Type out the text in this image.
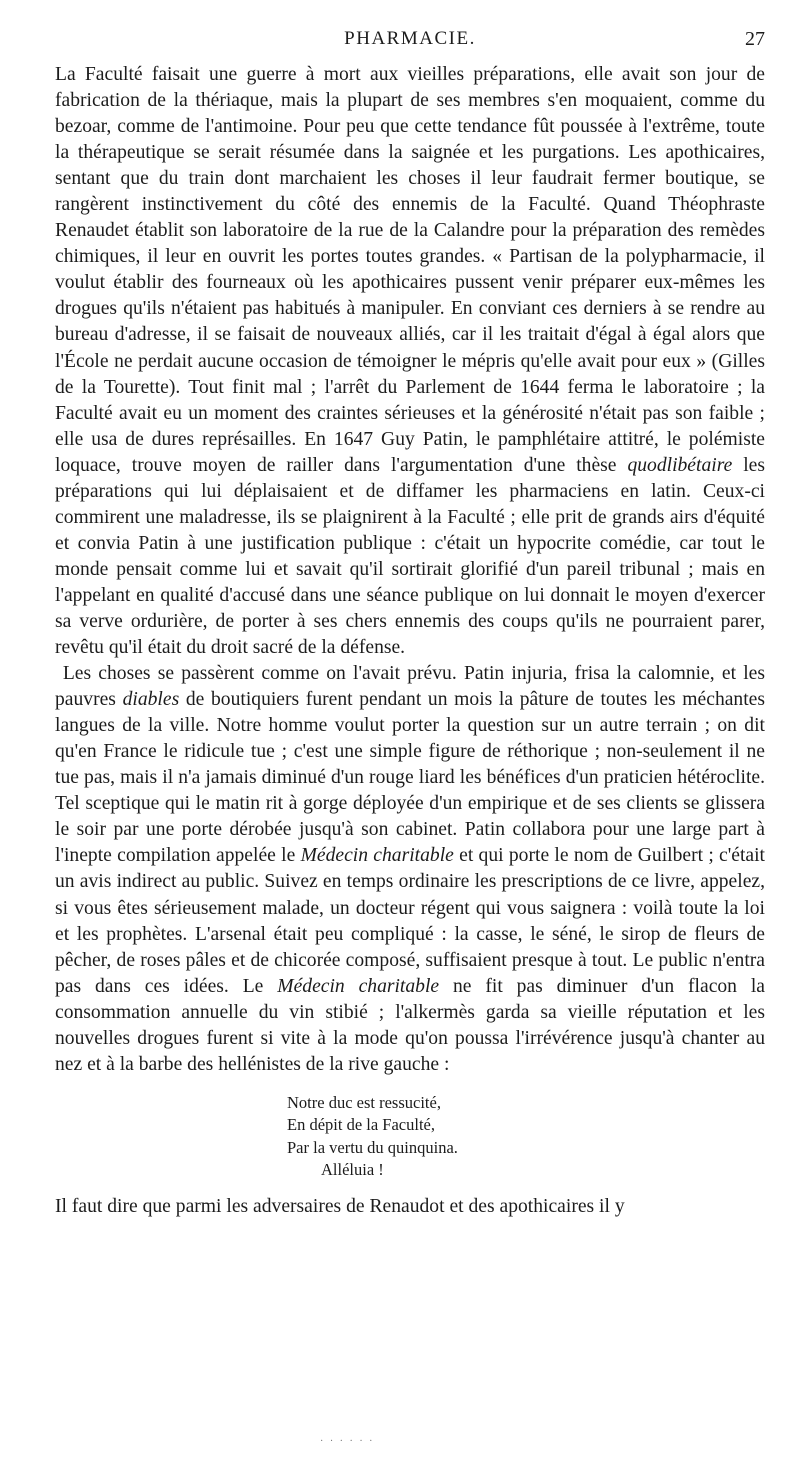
PHARMACIE.	27

La Faculté faisait une guerre à mort aux vieilles préparations, elle avait son jour de fabrication de la thériaque, mais la plupart de ses membres s'en moquaient, comme du bezoar, comme de l'antimoine. Pour peu que cette tendance fût poussée à l'extrême, toute la thérapeutique se serait résumée dans la saignée et les purgations. Les apothicaires, sentant que du train dont marchaient les choses il leur faudrait fermer boutique, se rangèrent instinctivement du côté des ennemis de la Faculté. Quand Théophraste Renaudet établit son laboratoire de la rue de la Calandre pour la préparation des remèdes chimiques, il leur en ouvrit les portes toutes grandes. « Partisan de la polypharmacie, il voulut établir des fourneaux où les apothicaires pussent venir préparer eux-mêmes les drogues qu'ils n'étaient pas habitués à manipuler. En conviant ces derniers à se rendre au bureau d'adresse, il se faisait de nouveaux alliés, car il les traitait d'égal à égal alors que l'École ne perdait aucune occasion de témoigner le mépris qu'elle avait pour eux » (Gilles de la Tourette). Tout finit mal ; l'arrêt du Parlement de 1644 ferma le laboratoire ; la Faculté avait eu un moment des craintes sérieuses et la générosité n'était pas son faible ; elle usa de dures représailles. En 1647 Guy Patin, le pamphlétaire attitré, le polémiste loquace, trouve moyen de railler dans l'argumentation d'une thèse quodlibétaire les préparations qui lui déplaisaient et de diffamer les pharmaciens en latin. Ceux-ci commirent une maladresse, ils se plaignirent à la Faculté ; elle prit de grands airs d'équité et convia Patin à une justification publique : c'était un hypocrite comédie, car tout le monde pensait comme lui et savait qu'il sortirait glorifié d'un pareil tribunal ; mais en l'appelant en qualité d'accusé dans une séance publique on lui donnait le moyen d'exercer sa verve ordurière, de porter à ses chers ennemis des coups qu'ils ne pourraient parer, revêtu qu'il était du droit sacré de la défense.

Les choses se passèrent comme on l'avait prévu. Patin injuria, frisa la calomnie, et les pauvres diables de boutiquiers furent pendant un mois la pâture de toutes les méchantes langues de la ville. Notre homme voulut porter la question sur un autre terrain ; on dit qu'en France le ridicule tue ; c'est une simple figure de réthorique ; non-seulement il ne tue pas, mais il n'a jamais diminué d'un rouge liard les bénéfices d'un praticien hétéroclite. Tel sceptique qui le matin rit à gorge déployée d'un empirique et de ses clients se glissera le soir par une porte dérobée jusqu'à son cabinet. Patin collabora pour une large part à l'inepte compilation appelée le Médecin charitable et qui porte le nom de Guilbert ; c'était un avis indirect au public. Suivez en temps ordinaire les prescriptions de ce livre, appelez, si vous êtes sérieusement malade, un docteur régent qui vous saignera : voilà toute la loi et les prophètes. L'arsenal était peu compliqué : la casse, le séné, le sirop de fleurs de pêcher, de roses pâles et de chicorée composé, suffisaient presque à tout. Le public n'entra pas dans ces idées. Le Médecin charitable ne fit pas diminuer d'un flacon la consommation annuelle du vin stibié ; l'alkermès garda sa vieille réputation et les nouvelles drogues furent si vite à la mode qu'on poussa l'irrévérence jusqu'à chanter au nez et à la barbe des hellénistes de la rive gauche :

Notre duc est ressucité,
En dépit de la Faculté,
Par la vertu du quinquina.
Alléluia !

Il faut dire que parmi les adversaires de Renaudot et des apothicaires il y

· · · · · ·
